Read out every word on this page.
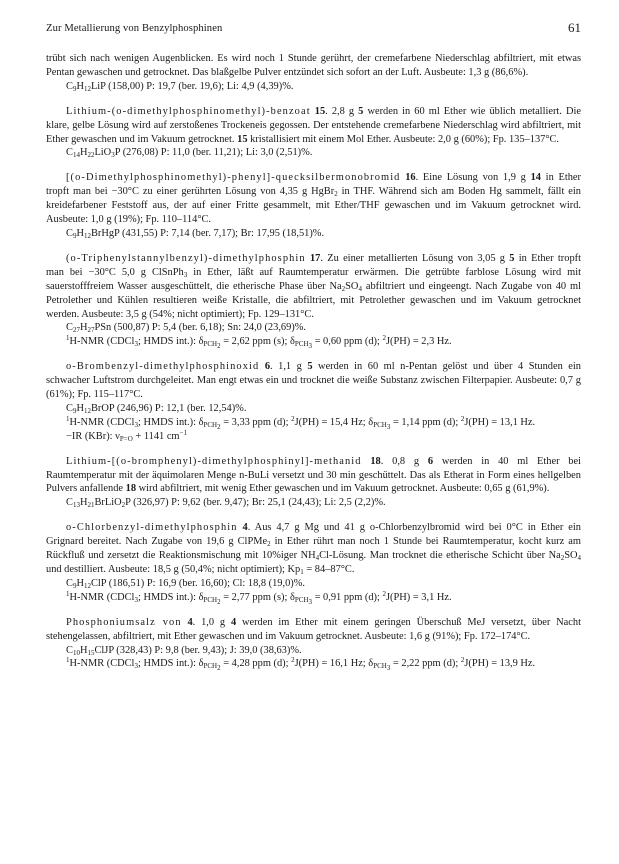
Zur Metallierung von Benzylphosphinen	61

trübt sich nach wenigen Augenblicken. Es wird noch 1 Stunde gerührt, der cremefarbene Niederschlag abfiltriert, mit etwas Pentan gewaschen und getrocknet. Das blaßgelbe Pulver entzündet sich sofort an der Luft. Ausbeute: 1,3 g (86,6%).

$C_9H_{12}LiP$ (158,00) P: 19,7 (ber. 19,6); Li: 4,9 (4,39)%.

Lithium-(o-dimethylphosphinomethyl)-benzoat 15. 2,8 g 5 werden in 60 ml Ether wie üblich metalliert. Die klare, gelbe Lösung wird auf zerstoßenes Trockeneis gegossen. Der entstehende cremefarbene Niederschlag wird abfiltriert, mit Ether gewaschen und im Vakuum getrocknet. 15 kristallisiert mit einem Mol Ether. Ausbeute: 2,0 g (60%); Fp. 135–137°C.

$C_{14}H_{22}LiO_3P$ (276,08) P: 11,0 (ber. 11,21); Li: 3,0 (2,51)%.

[(o-Dimethylphosphinomethyl)-phenyl]-quecksilbermonobromid 16. Eine Lösung von 1,9 g 14 in Ether tropft man bei −30°C zu einer gerührten Lösung von 4,35 g HgBr$_2$ in THF. Während sich am Boden Hg sammelt, fällt ein kreidefarbener Feststoff aus, der auf einer Fritte gesammelt, mit Ether/THF gewaschen und im Vakuum getrocknet wird. Ausbeute: 1,0 g (19%); Fp. 110–114°C.

$C_9H_{12}BrHgP$ (431,55) P: 7,14 (ber. 7,17); Br: 17,95 (18,51)%.

(o-Triphenylstannylbenzyl)-dimethylphosphin 17. Zu einer metallierten Lösung von 3,05 g 5 in Ether tropft man bei −30°C 5,0 g ClSnPh$_3$ in Ether, läßt auf Raumtemperatur erwärmen. Die getrübte farblose Lösung wird mit sauerstofffreiem Wasser ausgeschüttelt, die etherische Phase über $Na_2SO_4$ abfiltriert und eingeengt. Nach Zugabe von 40 ml Petrolether und Kühlen resultieren weiße Kristalle, die abfiltriert, mit Petrolether gewaschen und im Vakuum getrocknet werden. Ausbeute: 3,5 g (54%; nicht optimiert); Fp. 129–131°C.

$C_{27}H_{27}PSn$ (500,87) P: 5,4 (ber. 6,18); Sn: 24,0 (23,69)%.

$^1$H-NMR (CDCl$_3$; HMDS int.): $\delta_{PCH_2} = 2,62$ ppm (s); $\delta_{PCH_3} = 0,60$ ppm (d); $^2$J(PH) = 2,3 Hz.

o-Brombenzyl-dimethylphosphinoxid 6. 1,1 g 5 werden in 60 ml n-Pentan gelöst und über 4 Stunden ein schwacher Luftstrom durchgeleitet. Man engt etwas ein und trocknet die weiße Substanz zwischen Filterpapier. Ausbeute: 0,7 g (61%); Fp. 115–117°C.

$C_9H_{12}BrOP$ (246,96) P: 12,1 (ber. 12,54)%.

$^1$H-NMR (CDCl$_3$; HMDS int.): $\delta_{PCH_2} = 3,33$ ppm (d); $^2$J(PH) = 15,4 Hz; $\delta_{PCH_3} = 1,14$ ppm (d); $^2$J(PH) = 13,1 Hz.

−IR (KBr): $\nu_{P=O} + 1141$ $cm^{-1}$

Lithium-[(o-bromphenyl)-dimethylphosphinyl]-methanid 18. 0,8 g 6 werden in 40 ml Ether bei Raumtemperatur mit der äquimolaren Menge n-BuLi versetzt und 30 min geschüttelt. Das als Etherat in Form eines hellgelben Pulvers anfallende 18 wird abfiltriert, mit wenig Ether gewaschen und im Vakuum getrocknet. Ausbeute: 0,65 g (61,9%).

$C_{13}H_{21}BrLiO_2P$ (326,97) P: 9,62 (ber. 9,47); Br: 25,1 (24,43); Li: 2,5 (2,2)%.

o-Chlorbenzyl-dimethylphosphin 4. Aus 4,7 g Mg und 41 g o-Chlorbenzylbromid wird bei 0°C in Ether ein Grignard bereitet. Nach Zugabe von 19,6 g ClPMe$_2$ in Ether rührt man noch 1 Stunde bei Raumtemperatur, kocht kurz am Rückfluß und zersetzt die Reaktionsmischung mit 10%iger $NH_4Cl$-Lösung. Man trocknet die etherische Schicht über $Na_2SO_4$ und destilliert. Ausbeute: 18,5 g (50,4%; nicht optimiert); $Kp_1 = 84-87^\circ C$.

$C_9H_{12}ClP$ (186,51) P: 16,9 (ber. 16,60); Cl: 18,8 (19,0)%.

$^1$H-NMR (CDCl$_3$; HMDS int.): $\delta_{PCH_2} = 2,77$ ppm (s); $\delta_{PCH_3} = 0,91$ ppm (d); $^2$J(PH) = 3,1 Hz.

Phosphoniumsalz von 4. 1,0 g 4 werden im Ether mit einem geringen Überschuß MeJ versetzt, über Nacht stehengelassen, abfiltriert, mit Ether gewaschen und im Vakuum getrocknet. Ausbeute: 1,6 g (91%); Fp. 172–174°C.

$C_{10}H_{15}ClJP$ (328,43) P: 9,8 (ber. 9,43); J: 39,0 (38,63)%.

$^1$H-NMR (CDCl$_3$; HMDS int.): $\delta_{PCH_2} = 4,28$ ppm (d); $^2$J(PH) = 16,1 Hz; $\delta_{PCH_3} = 2,22$ ppm (d); $^2$J(PH) = 13,9 Hz.
